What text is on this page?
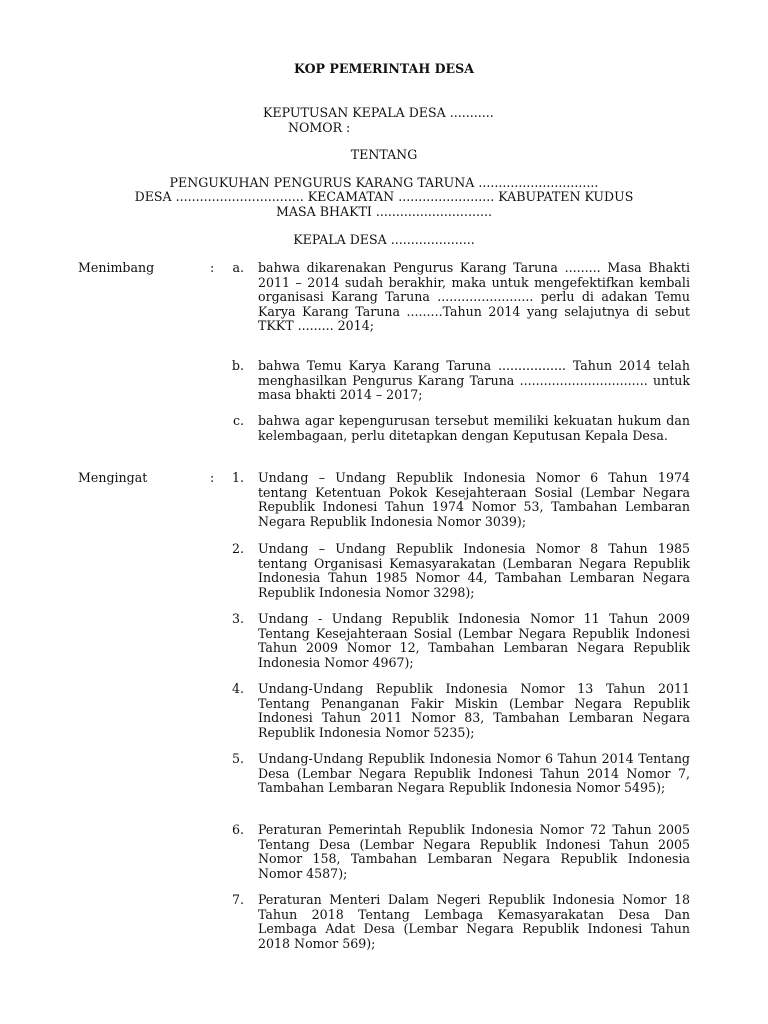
KOP PEMERINTAH DESA
KEPUTUSAN KEPALA DESA ...........
NOMOR :
TENTANG
PENGUKUHAN PENGURUS KARANG TARUNA ..............................
DESA ................................ KECAMATAN ........................ KABUPATEN KUDUS
MASA BHAKTI .............................
KEPALA DESA .....................
Menimbang	:	a. bahwa dikarenakan Pengurus Karang Taruna ......... Masa Bhakti 2011 – 2014 sudah berakhir, maka untuk mengefektifkan kembali organisasi Karang Taruna ........................ perlu di adakan Temu Karya Karang Taruna .........Tahun 2014 yang selajutnya di sebut TKKT ......... 2014;
b. bahwa Temu Karya Karang Taruna ................. Tahun 2014 telah menghasilkan Pengurus Karang Taruna ................................ untuk masa bhakti 2014 – 2017;
c. bahwa agar kepengurusan tersebut memiliki kekuatan hukum dan kelembagaan, perlu ditetapkan dengan Keputusan Kepala Desa.
Mengingat	:	1. Undang – Undang Republik Indonesia Nomor 6 Tahun 1974 tentang Ketentuan Pokok Kesejahteraan Sosial (Lembar Negara Republik Indonesi Tahun 1974 Nomor 53, Tambahan Lembaran Negara Republik Indonesia Nomor 3039);
2. Undang – Undang Republik Indonesia Nomor 8 Tahun 1985 tentang Organisasi Kemasyarakatan (Lembaran Negara Republik Indonesia Tahun 1985 Nomor 44, Tambahan Lembaran Negara Republik Indonesia Nomor 3298);
3. Undang - Undang Republik Indonesia Nomor 11 Tahun 2009 Tentang Kesejahteraan Sosial (Lembar Negara Republik Indonesi Tahun 2009 Nomor 12, Tambahan Lembaran Negara Republik Indonesia Nomor 4967);
4. Undang-Undang Republik Indonesia Nomor 13 Tahun 2011 Tentang Penanganan Fakir Miskin (Lembar Negara Republik Indonesi Tahun 2011 Nomor 83, Tambahan Lembaran Negara Republik Indonesia Nomor 5235);
5. Undang-Undang Republik Indonesia Nomor 6 Tahun 2014 Tentang Desa (Lembar Negara Republik Indonesi Tahun 2014 Nomor 7, Tambahan Lembaran Negara Republik Indonesia Nomor 5495);
6. Peraturan Pemerintah Republik Indonesia Nomor 72 Tahun 2005 Tentang Desa (Lembar Negara Republik Indonesi Tahun 2005 Nomor 158, Tambahan Lembaran Negara Republik Indonesia Nomor 4587);
7. Peraturan Menteri Dalam Negeri Republik Indonesia Nomor 18 Tahun 2018 Tentang Lembaga Kemasyarakatan Desa Dan Lembaga Adat Desa (Lembar Negara Republik Indonesi Tahun 2018 Nomor 569);
